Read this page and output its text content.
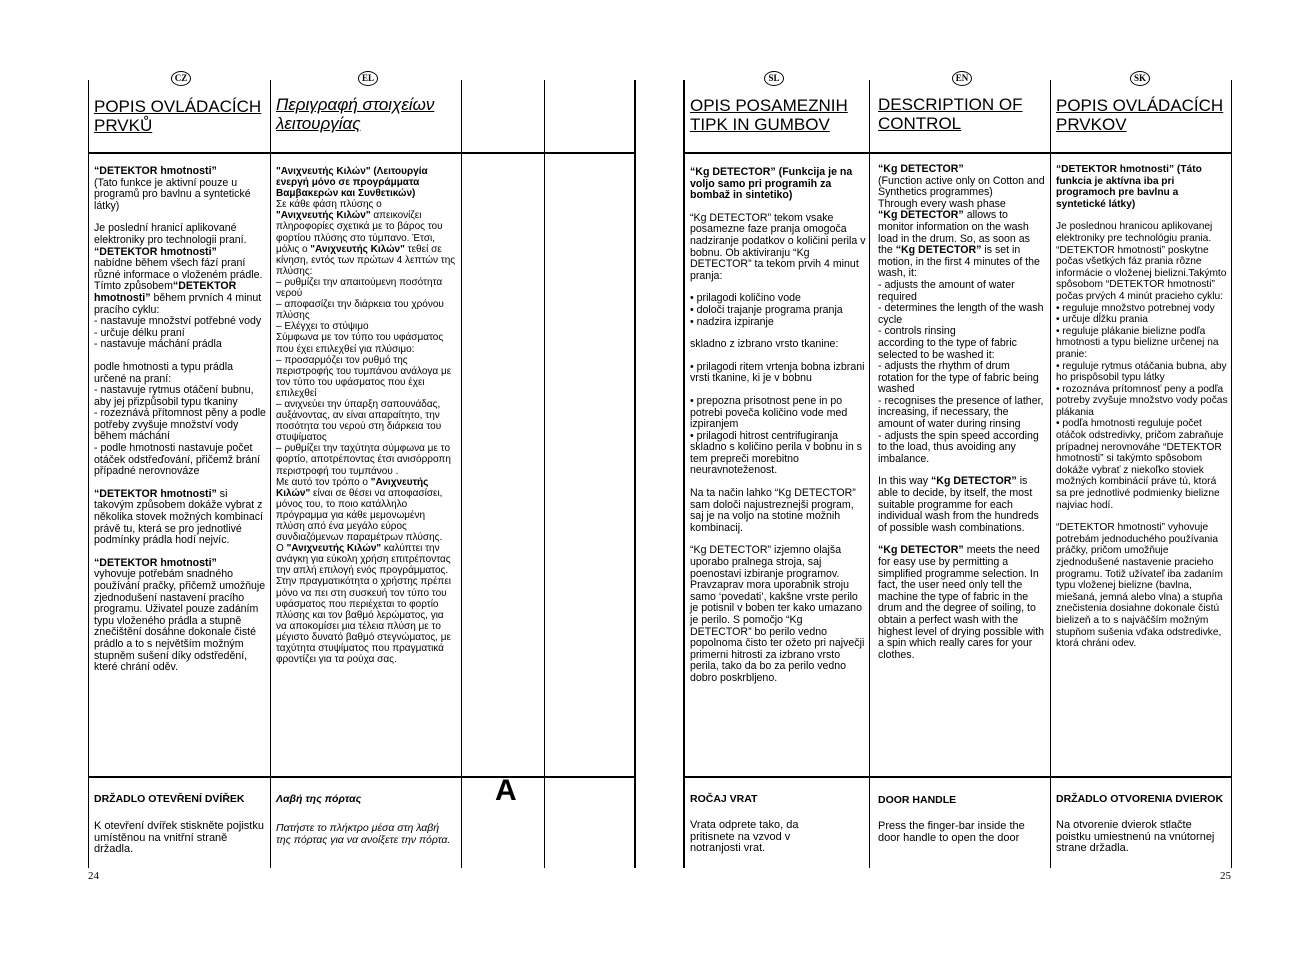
CZ	EL
POPIS OVLÁDACÍCH PRVKŮ
Περιγραφή στοιχείων λειτουργίας

“DETEKTOR hmotnosti”
(Tato funkce je aktivní pouze u programů pro bavlnu a syntetické látky)

Je poslední hranicí aplikované elektroniky pro technologii praní.
“DETEKTOR hmotnosti”
nabídne během všech fází praní různé informace o vloženém prádle. Tímto způsobem“DETEKTOR hmotnosti” během prvních 4 minut pracího cyklu:
- nastavuje množství potřebné vody
- určuje délku praní
- nastavuje máchání prádla

podle hmotnosti a typu prádla určené na praní:
- nastavuje rytmus otáčení bubnu, aby jej přizpůsobil typu tkaniny
- rozeznává přítomnost pěny a podle potřeby zvyšuje množství vody během máchání
- podle hmotnosti nastavuje počet otáček odstřeďování, přičemž brání případné nerovnováze

“DETEKTOR hmotnosti” si takovým způsobem dokáže vybrat z několika stovek možných kombinací právě tu, která se pro jednotlivé podmínky prádla hodí nejvíc.

“DETEKTOR hmotnosti”
vyhovuje potřebám snadného používání pračky, přičemž umožňuje zjednodušení nastavení pracího programu. Uživatel pouze zadáním typu vloženého prádla a stupně znečištění dosáhne dokonale čisté prádlo a to s největším možným stupněm sušení díky odstředění, které chrání oděv.

"Ανιχνευτής Κιλών" (Λειτουργία ενεργή μόνο σε προγράμματα Βαμβακερών και Συνθετικών)
Σε κάθε φάση πλύσης ο
"Ανιχνευτής Κιλών" απεικονίζει πληροφορίες σχετικά με το βάρος του φορτίου πλύσης στο τύμπανο. Έτσι, μόλις ο "Ανιχνευτής Κιλών" τεθεί σε κίνηση, εντός των πρώτων 4 λεπτών της πλύσης:
– ρυθμίζει την απαιτούμενη ποσότητα νερού
– αποφασίζει την διάρκεια του χρόνου πλύσης
– Ελέγχει το στύψιμο
Σύμφωνα με τον τύπο του υφάσματος που έχει επιλεχθεί για πλύσιμο:
– προσαρμόζει τον ρυθμό της περιστροφής του τυμπάνου ανάλογα με τον τύπο του υφάσματος που έχει επιλεχθεί
– ανιχνεύει την ύπαρξη σαπουνάδας, αυξάνοντας, αν είναι απαραίτητο, την ποσότητα του νερού στη διάρκεια του στυψίματος
– ρυθμίζει την ταχύτητα σύμφωνα με το φορτίο, αποτρέποντας έτσι ανισόρροπη περιστροφή του τυμπάνου .
Με αυτό τον τρόπο ο "Ανιχνευτής Κιλών" είναι σε θέσει να αποφασίσει, μόνος του, το ποιο κατάλληλο πρόγραμμα για κάθε μεμονωμένη πλύση από ένα μεγάλο εύρος συνδιαζόμενων παραμέτρων πλύσης.
Ο "Ανιχνευτής Κιλών" καλύπτει την ανάγκη για εύκολη χρήση επιτρέποντας την απλή επιλογή ενός προγράμματος. Στην πραγματικότητα ο χρήστης πρέπει μόνο να πει στη συσκευή τον τύπο του υφάσματος που περιέχεται το φορτίο πλύσης και τον βαθμό λερώματος, για να αποκομίσει μια τέλεια πλύση με το μέγιστο δυνατό βαθμό στεγνώματος, με ταχύτητα στυψίματος που πραγματικά φροντίζει για τα ρούχα σας.

DRŽADLO OTEVŘENÍ DVÍŘEK
K otevření dvířek stiskněte pojistku umístěnou na vnitřní straně držadla.
Λαβή της πόρτας
Πατήστε το πλήκτρο μέσα στη λαβή της πόρτας για να ανοίξετε την πόρτα.
A
24
SL	EN	SK
OPIS POSAMEZNIH TIPK IN GUMBOV
DESCRIPTION OF CONTROL
POPIS OVLÁDACÍCH PRVKOV

“Kg DETECTOR” (Funkcija je na voljo samo pri programih za bombaž in sintetiko)

“Kg DETECTOR” tekom vsake posamezne faze pranja omogoča nadziranje podatkov o količini perila v bobnu. Ob aktiviranju “Kg DETECTOR” ta tekom prvih 4 minut pranja:

• prilagodi količino vode
• določi trajanje programa pranja
• nadzira izpiranje

skladno z izbrano vrsto tkanine:

• prilagodi ritem vrtenja bobna izbrani vrsti tkanine, ki je v bobnu

• prepozna prisotnost pene in po potrebi poveča količino vode med izpiranjem
• prilagodi hitrost centrifugiranja skladno s količino perila v bobnu in s tem prepreči morebitno neuravnoteženost.

Na ta način lahko “Kg DETECTOR” sam določi najustreznejši program, saj je na voljo na stotine možnih kombinacij.

“Kg DETECTOR” izjemno olajša uporabo pralnega stroja, saj poenostavi izbiranje programov. Pravzaprav mora uporabnik stroju samo ‘povedati’, kakšne vrste perilo je potisnil v boben ter kako umazano je perilo. S pomočjo “Kg DETECTOR” bo perilo vedno popolnoma čisto ter ožeto pri največji primerni hitrosti za izbrano vrsto perila, tako da bo za perilo vedno dobro poskrbljeno.

“Kg DETECTOR”
(Function active only on Cotton and Synthetics programmes)
Through every wash phase
“Kg DETECTOR” allows to monitor information on the wash load in the drum. So, as soon as the “Kg DETECTOR” is set in motion, in the first 4 minutes of the wash, it:
- adjusts the amount of water required
- determines the length of the wash cycle
- controls rinsing
according to the type of fabric selected to be washed it:
- adjusts the rhythm of drum rotation for the type of fabric being washed
- recognises the presence of lather, increasing, if necessary, the amount of water during rinsing
- adjusts the spin speed according to the load, thus avoiding any imbalance.

In this way “Kg DETECTOR” is able to decide, by itself, the most suitable programme for each individual wash from the hundreds of possible wash combinations.

“Kg DETECTOR” meets the need for easy use by permitting a simplified programme selection. In fact, the user need only tell the machine the type of fabric in the drum and the degree of soiling, to obtain a perfect wash with the highest level of drying possible with a spin which really cares for your clothes.

“DETEKTOR hmotnosti” (Táto funkcia je aktívna iba pri programoch pre bavlnu a syntetické látky)

Je poslednou hranicou aplikovanej elektroniky pre technológiu prania. “DETEKTOR hmotnosti” poskytne počas všetkých fáz prania rôzne informácie o vloženej bielizni.Takýmto spôsobom “DETEKTOR hmotnosti” počas prvých 4 minút pracieho cyklu:
• reguluje množstvo potrebnej vody
• určuje dĺžku prania
• reguluje plákanie bielizne podľa hmotnosti a typu bielizne určenej na pranie:
• reguluje rytmus otáčania bubna, aby ho prispôsobil typu látky
• rozoznáva prítomnosť peny a podľa potreby zvyšuje množstvo vody počas plákania
• podľa hmotnosti reguluje počet otáčok odstredivky, pričom zabraňuje prípadnej nerovnováhe “DETEKTOR hmotnosti” si takýmto spôsobom dokáže vybrať z niekoľko stoviek možných kombinácií práve tú, ktorá sa pre jednotlivé podmienky bielizne najviac hodí.

“DETEKTOR hmotnosti” vyhovuje potrebám jednoduchého používania práčky, pričom umožňuje zjednodušené nastavenie pracieho programu. Totiž užívateľ iba zadaním typu vloženej bielizne (bavlna, miešaná, jemná alebo vlna) a stupňa znečistenia dosiahne dokonale čistú bielizeň a to s najväčším možným stupňom sušenia vďaka odstredivke, ktorá chráni odev.

ROČAJ VRAT
Vrata odprete tako, da pritisnete na vzvod v notranjosti vrat.
DOOR HANDLE
Press the finger-bar inside the door handle to open the door
DRŽADLO OTVORENIA DVIEROK
Na otvorenie dvierok stlačte poistku umiestnenú na vnútornej strane držadla.
25
